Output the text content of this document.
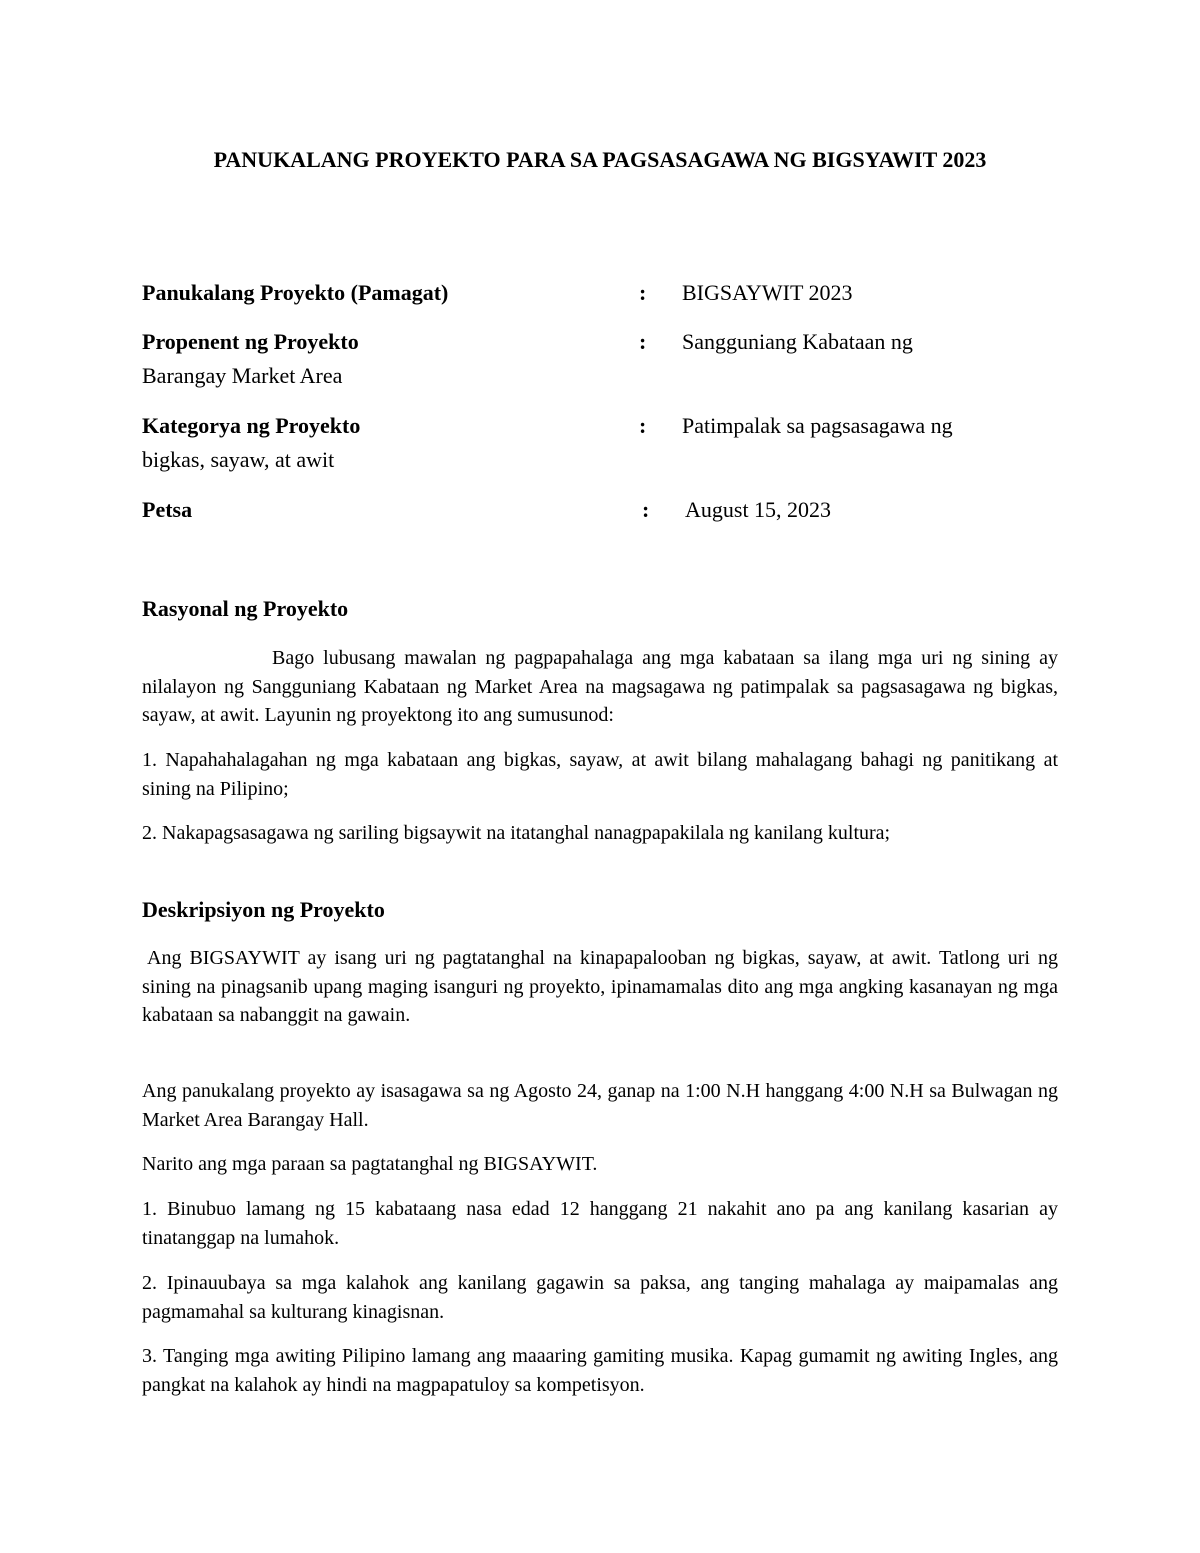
PANUKALANG PROYEKTO PARA SA PAGSASAGAWA NG BIGSYAWIT 2023
Panukalang Proyekto (Pamagat)	: BIGSAYWIT 2023
Propenent ng Proyekto	: Sangguniang Kabataan ng
Barangay Market Area
Kategorya ng Proyekto	: Patimpalak sa pagsasagawa ng
bigkas, sayaw, at awit
Petsa	: August 15, 2023
Rasyonal ng Proyekto
Bago lubusang mawalan ng pagpapahalaga ang mga kabataan sa ilang mga uri ng sining ay nilalayon ng Sangguniang Kabataan ng Market Area na magsagawa ng patimpalak sa pagsasagawa ng bigkas, sayaw, at awit. Layunin ng proyektong ito ang sumusunod:
1. Napahahalagahan ng mga kabataan ang bigkas, sayaw, at awit bilang mahalagang bahagi ng panitikang at sining na Pilipino;
2. Nakapagsasagawa ng sariling bigsaywit na itatanghal nanagpapakilala ng kanilang kultura;
Deskripsiyon ng Proyekto
Ang BIGSAYWIT ay isang uri ng pagtatanghal na kinapapalooban ng bigkas, sayaw, at awit. Tatlong uri ng sining na pinagsanib upang maging isanguri ng proyekto, ipinamamalas dito ang mga angking kasanayan ng mga kabataan sa nabanggit na gawain.
Ang panukalang proyekto ay isasagawa sa ng Agosto 24, ganap na 1:00 N.H hanggang 4:00 N.H sa Bulwagan ng Market Area Barangay Hall.
Narito ang mga paraan sa pagtatanghal ng BIGSAYWIT.
1. Binubuo lamang ng 15 kabataang nasa edad 12 hanggang 21 nakahit ano pa ang kanilang kasarian ay tinatanggap na lumahok.
2. Ipinauubaya sa mga kalahok ang kanilang gagawin sa paksa, ang tanging mahalaga ay maipamalas ang pagmamahal sa kulturang kinagisnan.
3. Tanging mga awiting Pilipino lamang ang maaaring gamiting musika. Kapag gumamit ng awiting Ingles, ang pangkat na kalahok ay hindi na magpapatuloy sa kompetisyon.
